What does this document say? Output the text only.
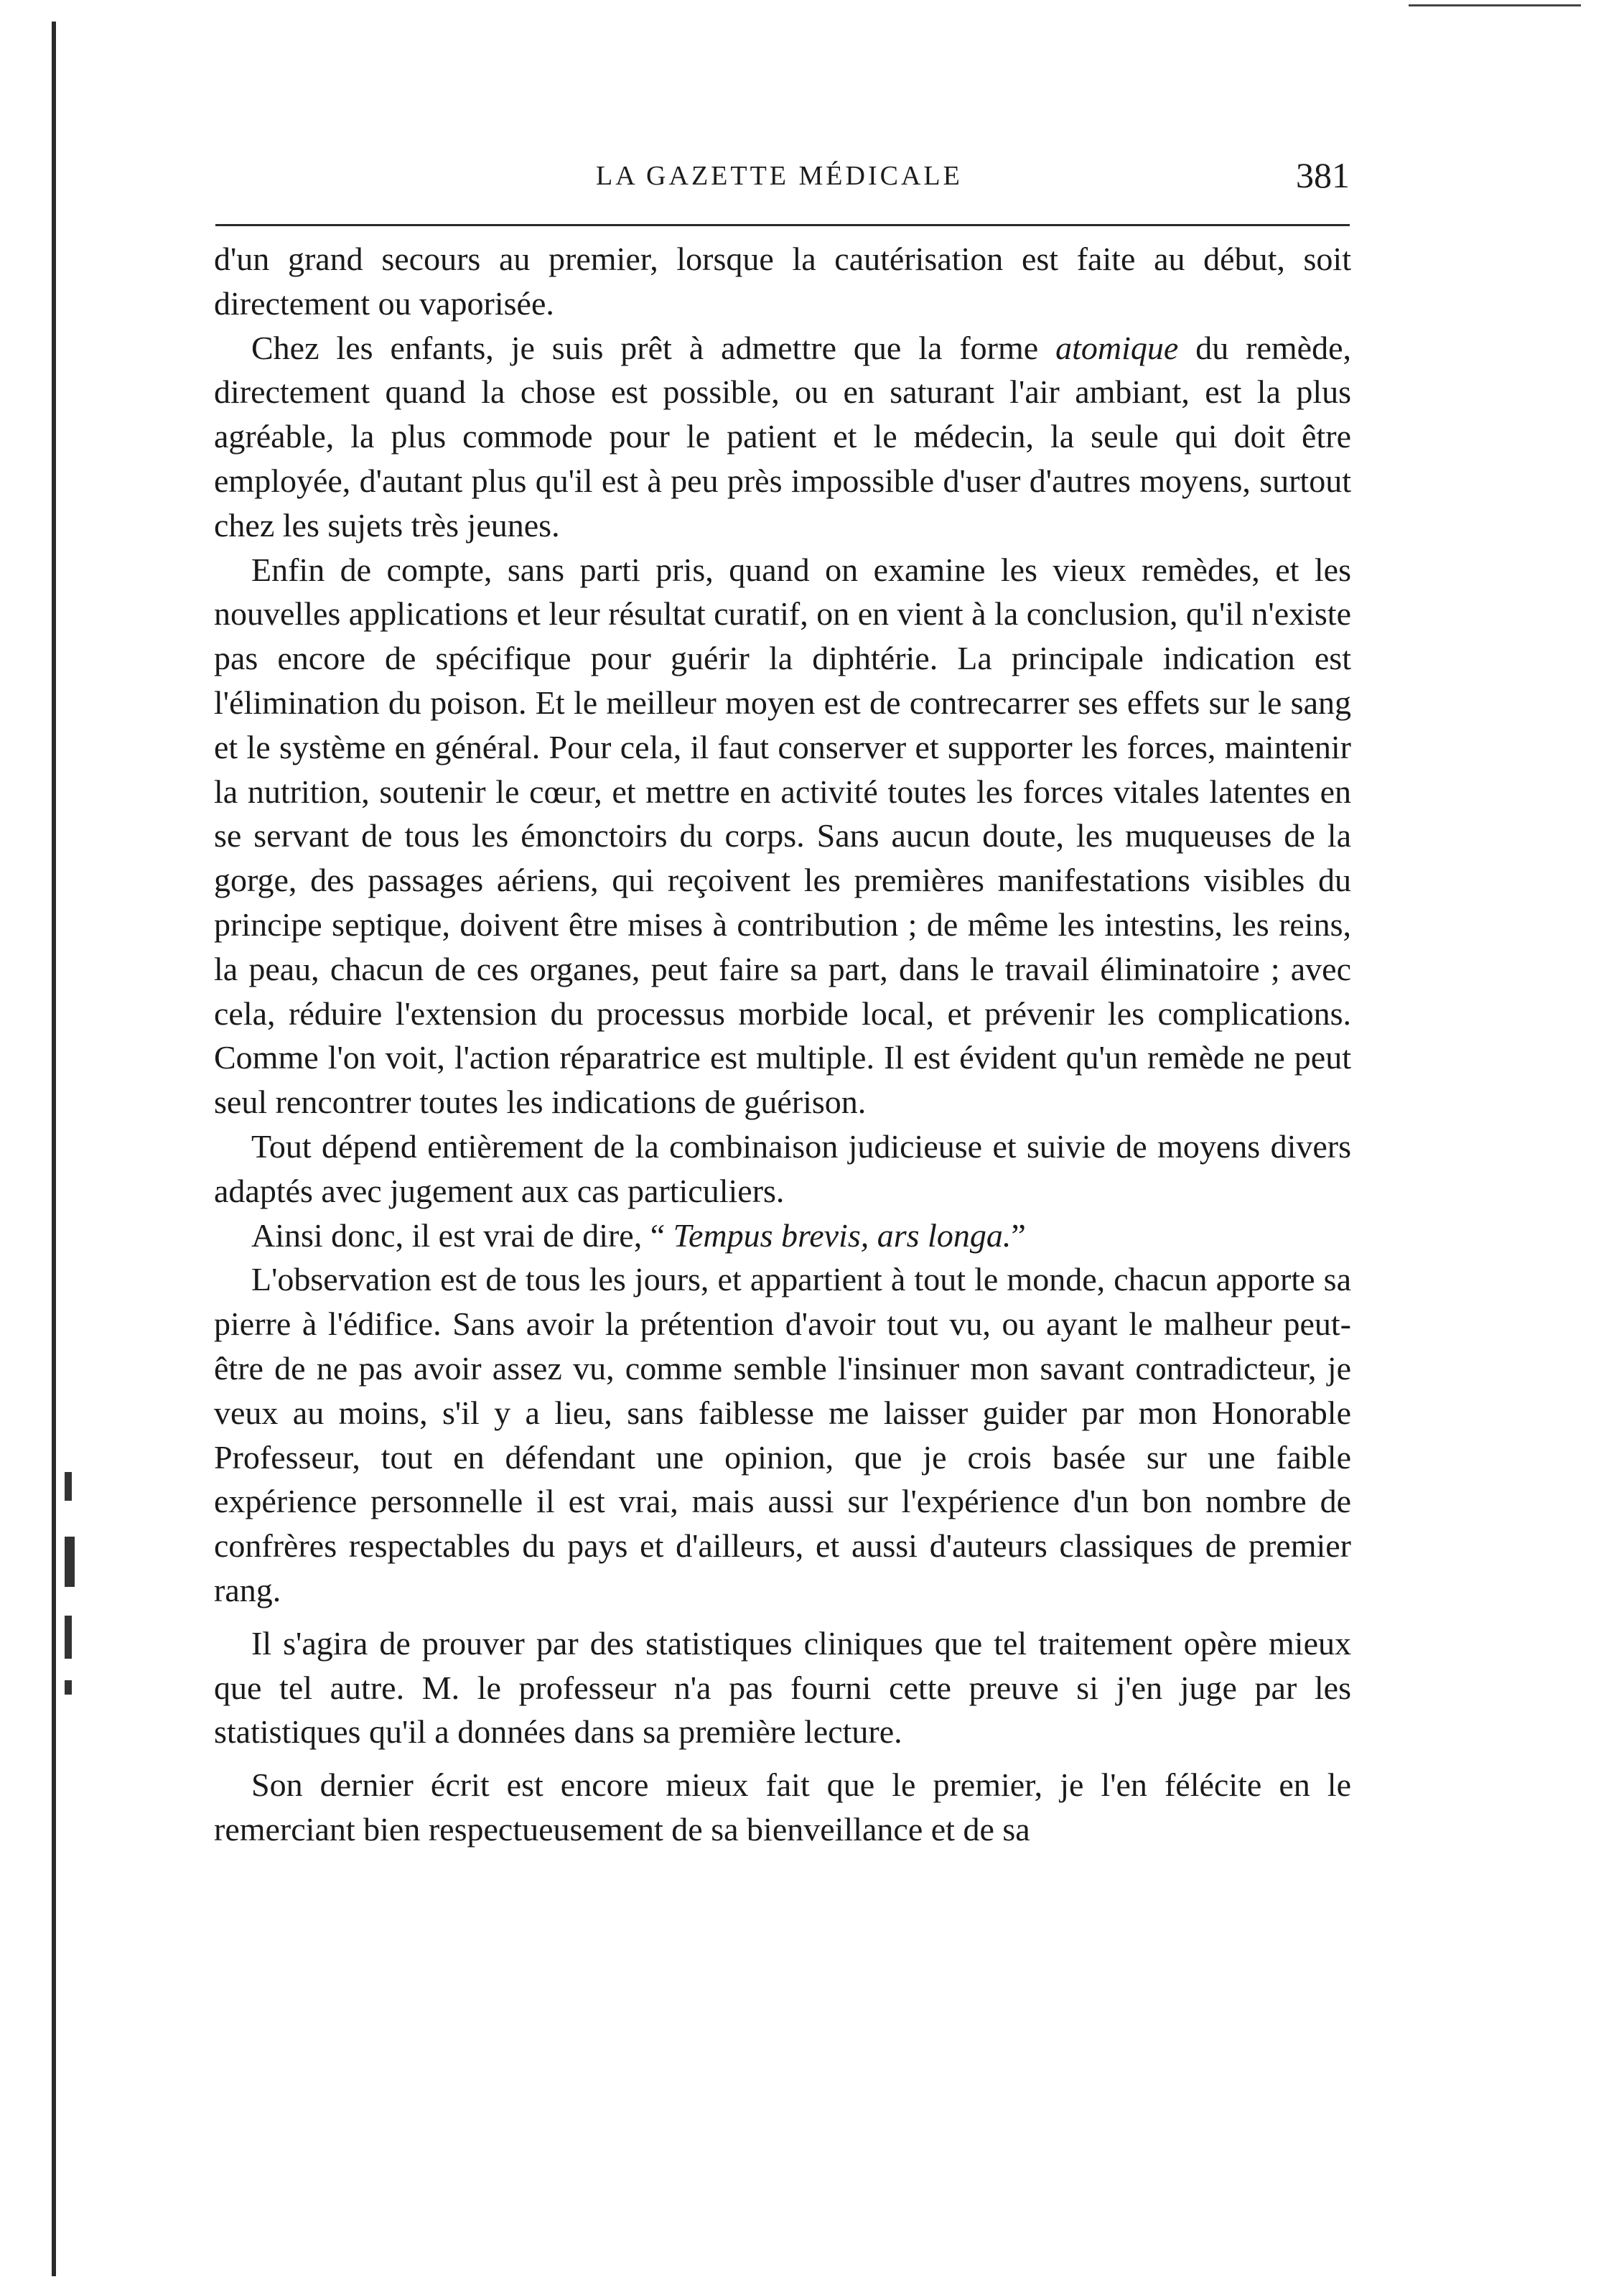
LA GAZETTE MÉDICALE	381

d'un grand secours au premier, lorsque la cautérisation est faite au début, soit directement ou vaporisée.

Chez les enfants, je suis prêt à admettre que la forme atomique du remède, directement quand la chose est possible, ou en saturant l'air ambiant, est la plus agréable, la plus commode pour le patient et le médecin, la seule qui doit être employée, d'autant plus qu'il est à peu près impossible d'user d'autres moyens, surtout chez les sujets très jeunes.

Enfin de compte, sans parti pris, quand on examine les vieux remèdes, et les nouvelles applications et leur résultat curatif, on en vient à la conclusion, qu'il n'existe pas encore de spécifique pour guérir la diphtérie. La principale indication est l'élimination du poison. Et le meilleur moyen est de contrecarrer ses effets sur le sang et le système en général. Pour cela, il faut conserver et supporter les forces, maintenir la nutrition, soutenir le cœur, et mettre en activité toutes les forces vitales latentes en se servant de tous les émonctoirs du corps. Sans aucun doute, les muqueuses de la gorge, des passages aériens, qui reçoivent les premières manifestations visibles du principe septique, doivent être mises à contribution ; de même les intestins, les reins, la peau, chacun de ces organes, peut faire sa part, dans le travail éliminatoire ; avec cela, réduire l'extension du processus morbide local, et prévenir les complications. Comme l'on voit, l'action réparatrice est multiple. Il est évident qu'un remède ne peut seul rencontrer toutes les indications de guérison.

Tout dépend entièrement de la combinaison judicieuse et suivie de moyens divers adaptés avec jugement aux cas particuliers.

Ainsi donc, il est vrai de dire, “ Tempus brevis, ars longa.”

L'observation est de tous les jours, et appartient à tout le monde, chacun apporte sa pierre à l'édifice. Sans avoir la prétention d'avoir tout vu, ou ayant le malheur peut-être de ne pas avoir assez vu, comme semble l'insinuer mon savant contradicteur, je veux au moins, s'il y a lieu, sans faiblesse me laisser guider par mon Honorable Professeur, tout en défendant une opinion, que je crois basée sur une faible expérience personnelle il est vrai, mais aussi sur l'expérience d'un bon nombre de confrères respectables du pays et d'ailleurs, et aussi d'auteurs classiques de premier rang.

Il s'agira de prouver par des statistiques cliniques que tel traitement opère mieux que tel autre. M. le professeur n'a pas fourni cette preuve si j'en juge par les statistiques qu'il a données dans sa première lecture.

Son dernier écrit est encore mieux fait que le premier, je l'en félécite en le remerciant bien respectueusement de sa bienveillance et de sa
